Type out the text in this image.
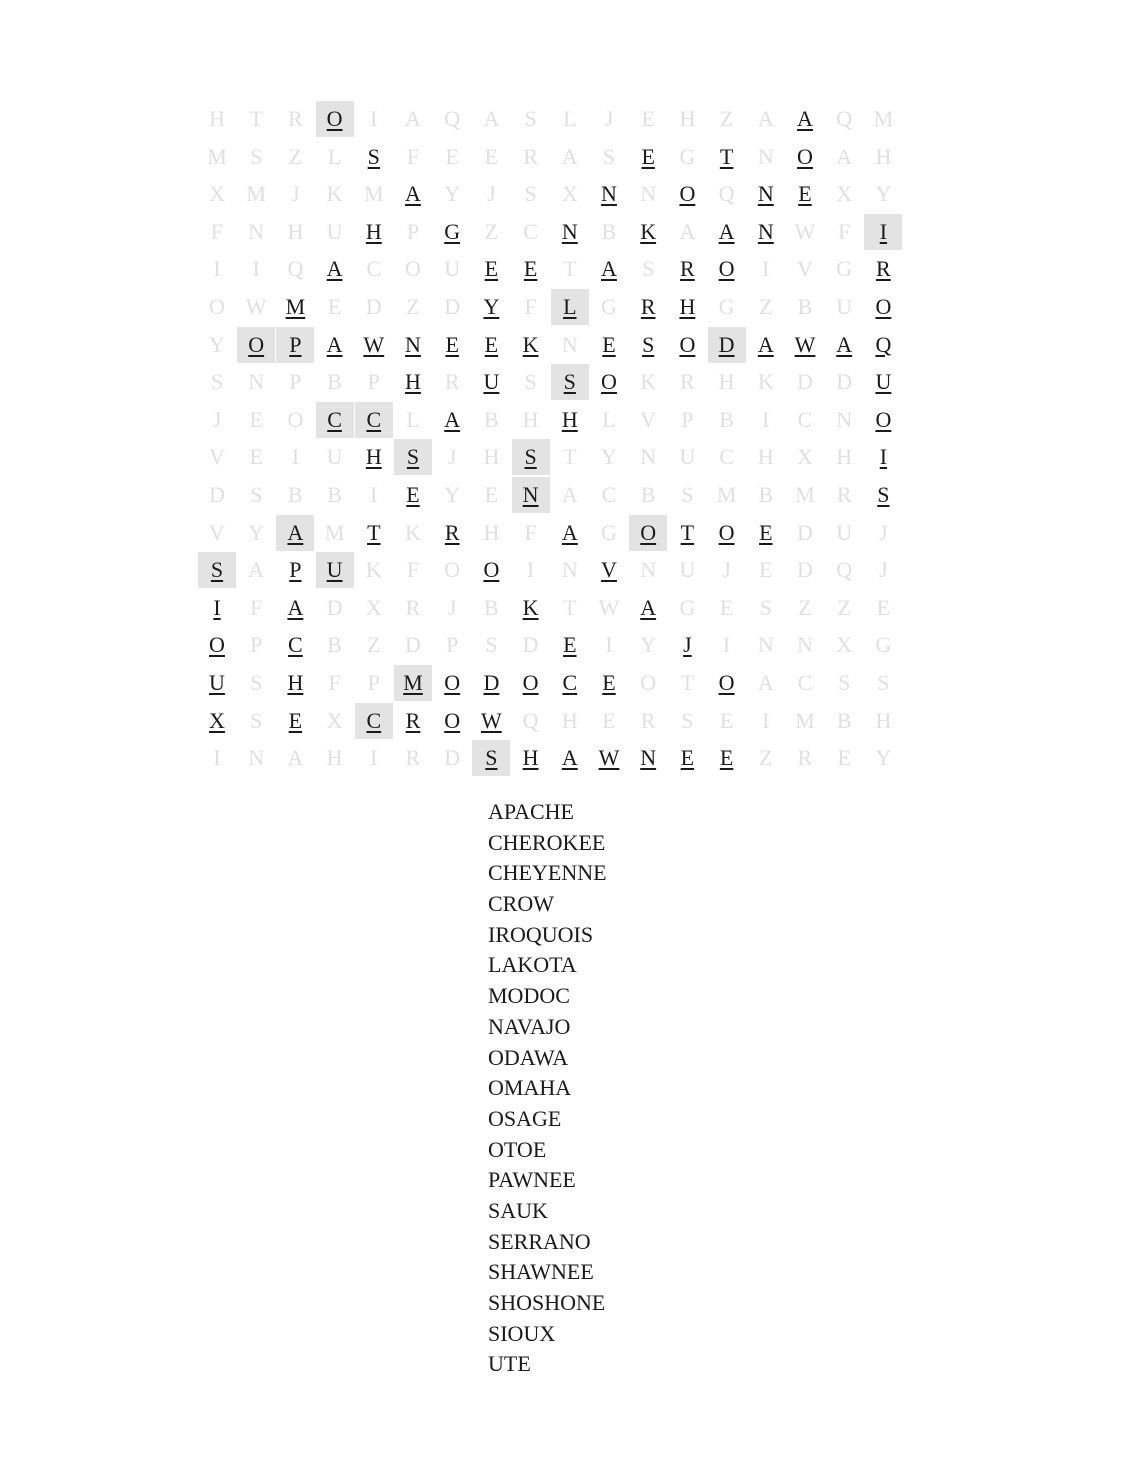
H	T	R	O	I	A	Q	A	S	L	J	E	H	Z	A	A	Q M
M	S	Z	L	S	F	E	E	R	A	S	E	G	T	N	O	A	H
X M	J	K M A	Y	J	S	X	N	N	O	Q	N	E	X	Y
F	N	H	U	H	P	G	Z	C	N	B	K	A	A	N W	F	I
I	I	Q	A	C	O	U	E	E	T	A	S	R	O	I	V	G	R
O W M	E	D	Z	D	Y	F	L	G	R	H	G	Z	B	U	O
Y	O	P	A W N	E	E	K	N	E	S	O	D	A W A	Q
S	N	P	B	P	H	R	U	S	S	O	K	R	H	K	D	D	U
J	E	O	C	C	L	A	B	H	H	L	V	P	B	I	C	N	O
V	E	I	U	H	S	J	H	S	T	Y	N	U	C	H	X	H	I
D	S	B	B	I	E	Y	E	N	A	C	B	S	M	B	M	R	S
V	Y	A M	T	K	R	H	F	A	G	O	T	O	E	D	U	J
S	A	P	U	K	F	O	O	I	N	V	N	U	J	E	D	Q	J
I	F	A	D	X	R	J	B	K	T	W A	G	E	S	Z	Z	E
O	P	C	B	Z	D	P	S	D	E	I	Y	J	I	N	N	X	G
U	S	H	F	P	M O	D	O	C	E	O	T	O	A	C	S	S
X	S	E	X	C	R	O W Q	H	E	R	S	E	I	M	B	H
I	N	A	H	I	R	D	S	H	A W N	E	E	Z	R	E	Y
APACHE
CHEROKEE
CHEYENNE
CROW
IROQUOIS
LAKOTA
MODOC
NAVAJO
ODAWA
OMAHA
OSAGE
OTOE
PAWNEE
SAUK
SERRANO
SHAWNEE
SHOSHONE
SIOUX
UTE
